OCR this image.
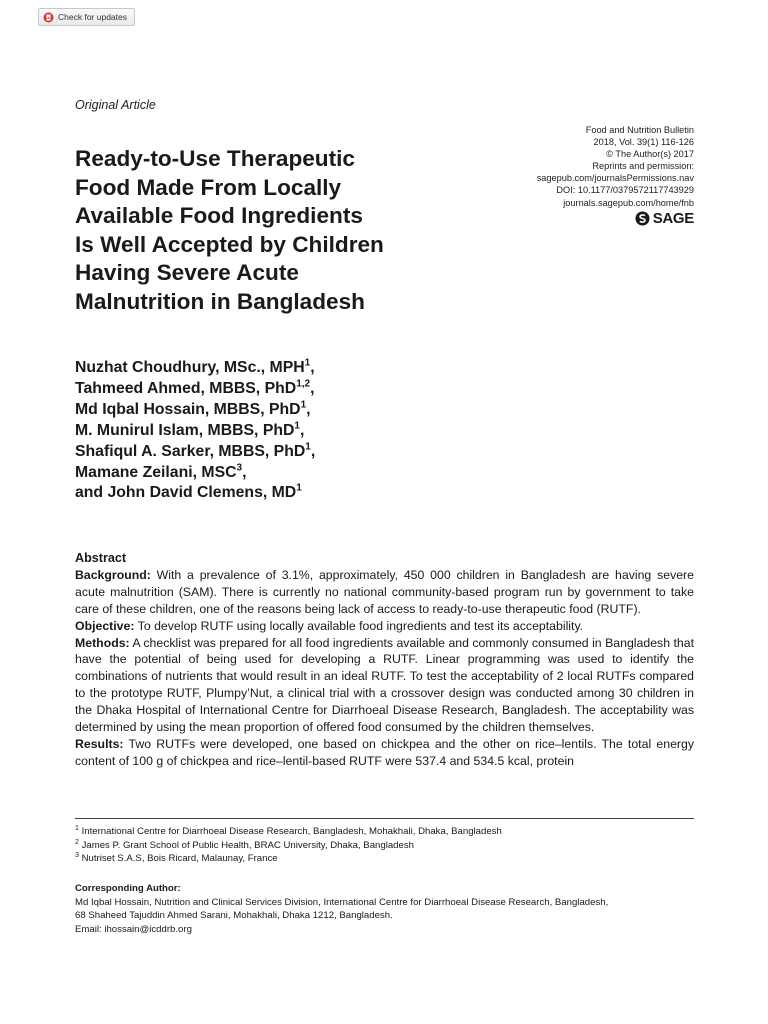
Check for updates
Original Article
Food and Nutrition Bulletin
2018, Vol. 39(1) 116-126
© The Author(s) 2017
Reprints and permission:
sagepub.com/journalsPermissions.nav
DOI: 10.1177/0379572117743929
journals.sagepub.com/home/fnb
SAGE
Ready-to-Use Therapeutic
Food Made From Locally
Available Food Ingredients
Is Well Accepted by Children
Having Severe Acute
Malnutrition in Bangladesh
Nuzhat Choudhury, MSc., MPH$^1$,
Tahmeed Ahmed, MBBS, PhD$^{1,2}$,
Md Iqbal Hossain, MBBS, PhD$^1$,
M. Munirul Islam, MBBS, PhD$^1$,
Shafiqul A. Sarker, MBBS, PhD$^1$,
Mamane Zeilani, MSC$^3$,
and John David Clemens, $MD^1$
Abstract

Background: With a prevalence of 3.1%, approximately, 450 000 children in Bangladesh are having severe acute malnutrition (SAM). There is currently no national community-based program run by government to take care of these children, one of the reasons being lack of access to ready-to-use therapeutic food (RUTF).

Objective: To develop RUTF using locally available food ingredients and test its acceptability.

Methods: A checklist was prepared for all food ingredients available and commonly consumed in Bangladesh that have the potential of being used for developing a RUTF. Linear programming was used to identify the combinations of nutrients that would result in an ideal RUTF. To test the acceptability of 2 local RUTFs compared to the prototype RUTF, Plumpy’Nut, a clinical trial with a crossover design was conducted among 30 children in the Dhaka Hospital of International Centre for Diarrhoeal Disease Research, Bangladesh. The acceptability was determined by using the mean proportion of offered food consumed by the children themselves.

Results: Two RUTFs were developed, one based on chickpea and the other on rice–lentils. The total energy content of 100 g of chickpea and rice–lentil-based RUTF were 537.4 and 534.5 kcal, protein

$^1$ International Centre for Diarrhoeal Disease Research, Bangladesh, Mohakhali, Dhaka, Bangladesh
$^2$ James P. Grant School of Public Health, BRAC University, Dhaka, Bangladesh
$^3$ Nutriset S.A.S, Bois Ricard, Malaunay, France
Corresponding Author:
Md Iqbal Hossain, Nutrition and Clinical Services Division, International Centre for Diarrhoeal Disease Research, Bangladesh,
68 Shaheed Tajuddin Ahmed Sarani, Mohakhali, Dhaka 1212, Bangladesh.
Email: ihossain@icddrb.org
